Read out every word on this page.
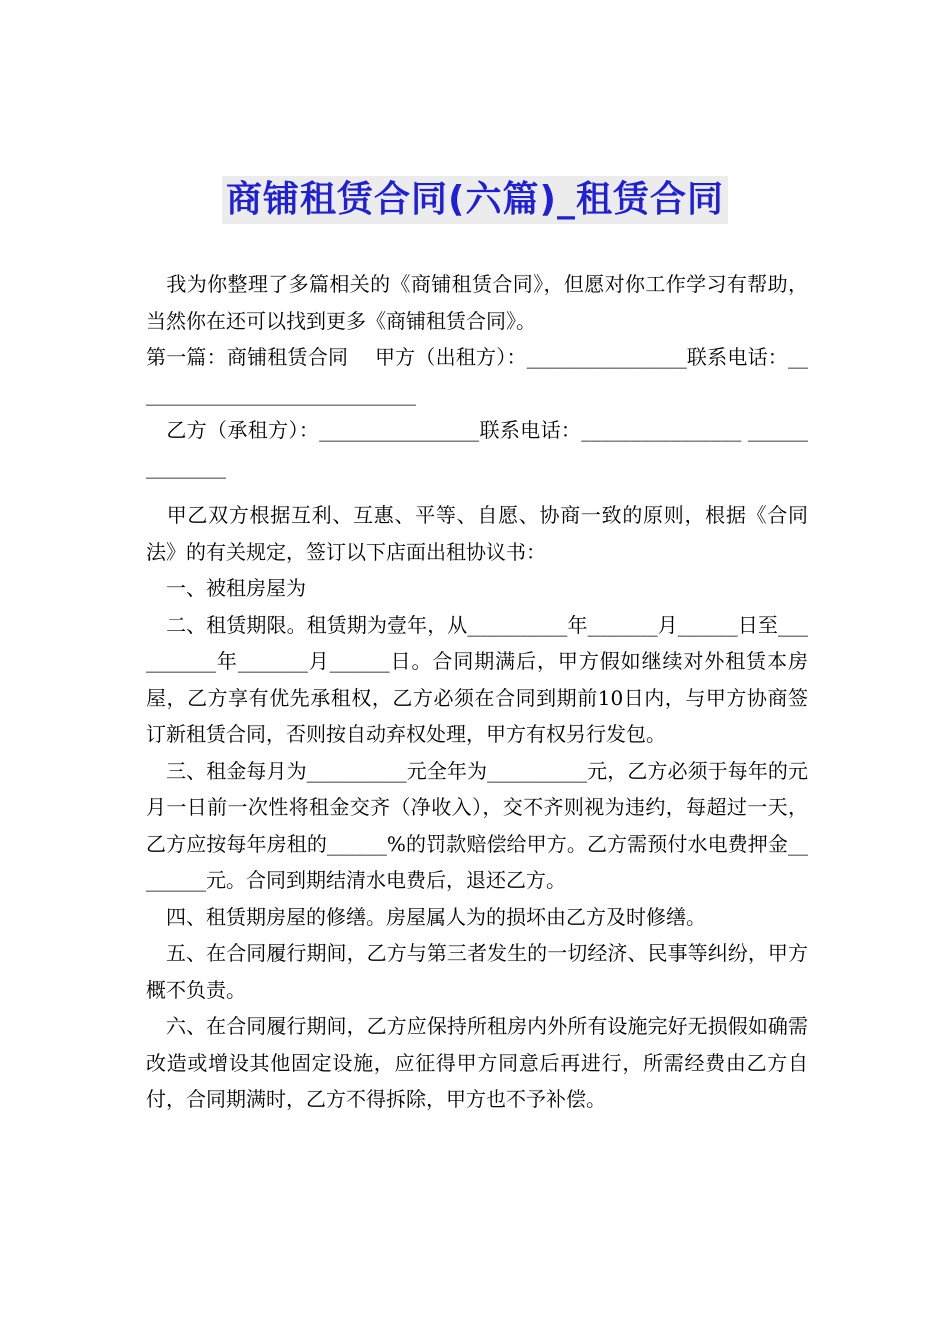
商铺租赁合同(六篇)_租赁合同

　我为你整理了多篇相关的《商铺租赁合同》，但愿对你工作学习有帮助，当然你在还可以找到更多《商铺租赁合同》。

第一篇：商铺租赁合同　 甲方（出租方）：________________联系电话：_____________________________

　乙方（承租方）：________________联系电话：________________ ______________

　甲乙双方根据互利、互惠、平等、自愿、协商一致的原则，根据《合同法》的有关规定，签订以下店面出租协议书：

　一、被租房屋为

　二、租赁期限。租赁期为壹年，从__________年_______月______日至__________年_______月______日。合同期满后，甲方假如继续对外租赁本房屋，乙方享有优先承租权，乙方必须在合同到期前10日内，与甲方协商签订新租赁合同，否则按自动弃权处理，甲方有权另行发包。

　三、租金每月为__________元全年为__________元，乙方必须于每年的元月一日前一次性将租金交齐（净收入），交不齐则视为违约，每超过一天，乙方应按每年房租的______%的罚款赔偿给甲方。乙方需预付水电费押金________元。合同到期结清水电费后，退还乙方。

　四、租赁期房屋的修缮。房屋属人为的损坏由乙方及时修缮。

　五、在合同履行期间，乙方与第三者发生的一切经济、民事等纠纷，甲方概不负责。

　六、在合同履行期间，乙方应保持所租房内外所有设施完好无损假如确需改造或增设其他固定设施，应征得甲方同意后再进行，所需经费由乙方自付，合同期满时，乙方不得拆除，甲方也不予补偿。
